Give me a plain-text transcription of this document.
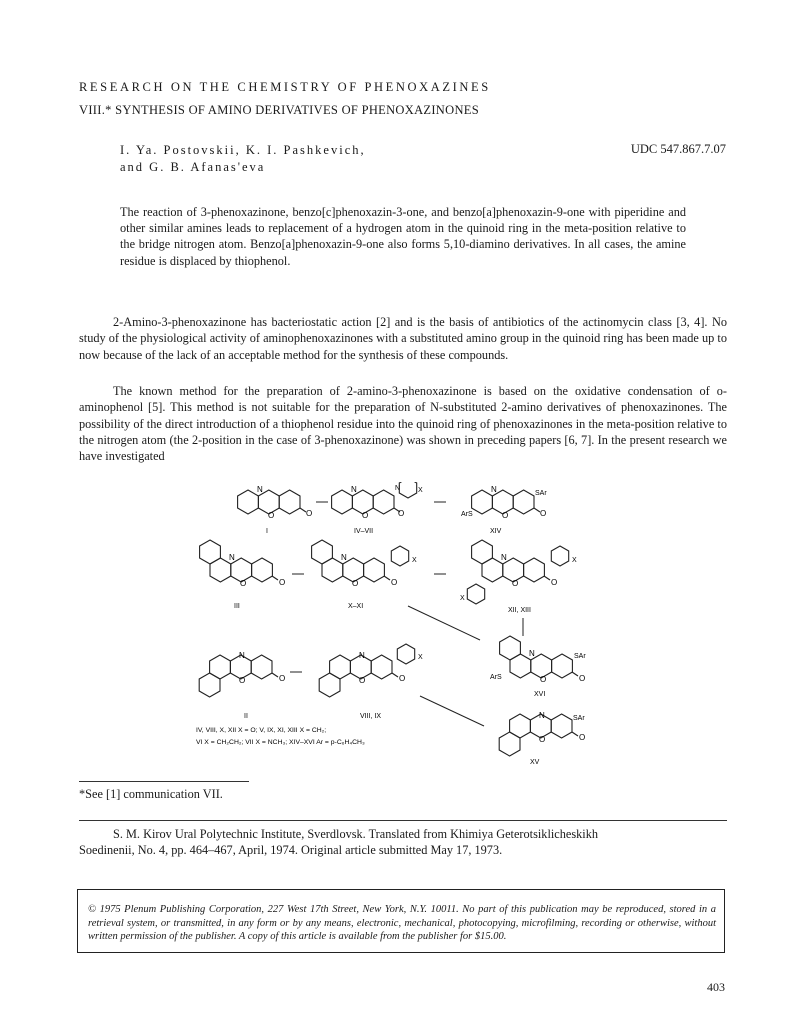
RESEARCH ON THE CHEMISTRY OF PHENOXAZINES
VIII.* SYNTHESIS OF AMINO DERIVATIVES OF PHENOXAZINONES
I. Ya. Postovskii, K. I. Pashkevich,
and G. B. Afanas'eva
UDC 547.867.7.07
The reaction of 3-phenoxazinone, benzo[c]phenoxazin-3-one, and benzo[a]phenoxazin-9-one with piperidine and other similar amines leads to replacement of a hydrogen atom in the quinoid ring in the meta-position relative to the bridge nitrogen atom. Benzo[a]phenoxazin-9-one also forms 5,10-diamino derivatives. In all cases, the amine residue is displaced by thiophenol.

2-Amino-3-phenoxazinone has bacteriostatic action [2] and is the basis of antibiotics of the actinomycin class [3, 4]. No study of the physiological activity of aminophenoxazinones with a substituted amino group in the quinoid ring has been made up to now because of the lack of an acceptable method for the synthesis of these compounds.

The known method for the preparation of 2-amino-3-phenoxazinone is based on the oxidative condensation of o-aminophenol [5]. This method is not suitable for the preparation of N-substituted 2-amino derivatives of phenoxazinones. The possibility of the direct introduction of a thiophenol residue into the quinoid ring of phenoxazinones in the meta-position relative to the nitrogen atom (the 2-position in the case of 3-phenoxazinone) was shown in preceding papers [6, 7]. In the present research we have investigated

N
O	O
I
N
O	O
N	X
IV–VII
N
O	O
SAr
ArS
XIV
N
O	O
III
N
O	O
X
X–XI
N
O	O
X
X
XII, XIII
N
O	O
SAr
ArS
XVI
N
O	O
II
N
O	O
X
VIII, IX	N
O	O
SAr
XV
IV, VIII, X, XII X = O; V, IX, XI, XIII X = CH₂;
VI X = CH₂CH₂; VII X = NCH₃; XIV–XVI Ar = p-C₆H₄CH₃
*See [1] communication VII.

S. M. Kirov Ural Polytechnic Institute, Sverdlovsk. Translated from Khimiya Geterotsiklicheskikh

Soedinenii, No. 4, pp. 464–467, April, 1974. Original article submitted May 17, 1973.

© 1975 Plenum Publishing Corporation, 227 West 17th Street, New York, N.Y. 10011. No part of this publication may be reproduced, stored in a retrieval system, or transmitted, in any form or by any means, electronic, mechanical, photocopying, microfilming, recording or otherwise, without written permission of the publisher. A copy of this article is available from the publisher for $15.00.
403
